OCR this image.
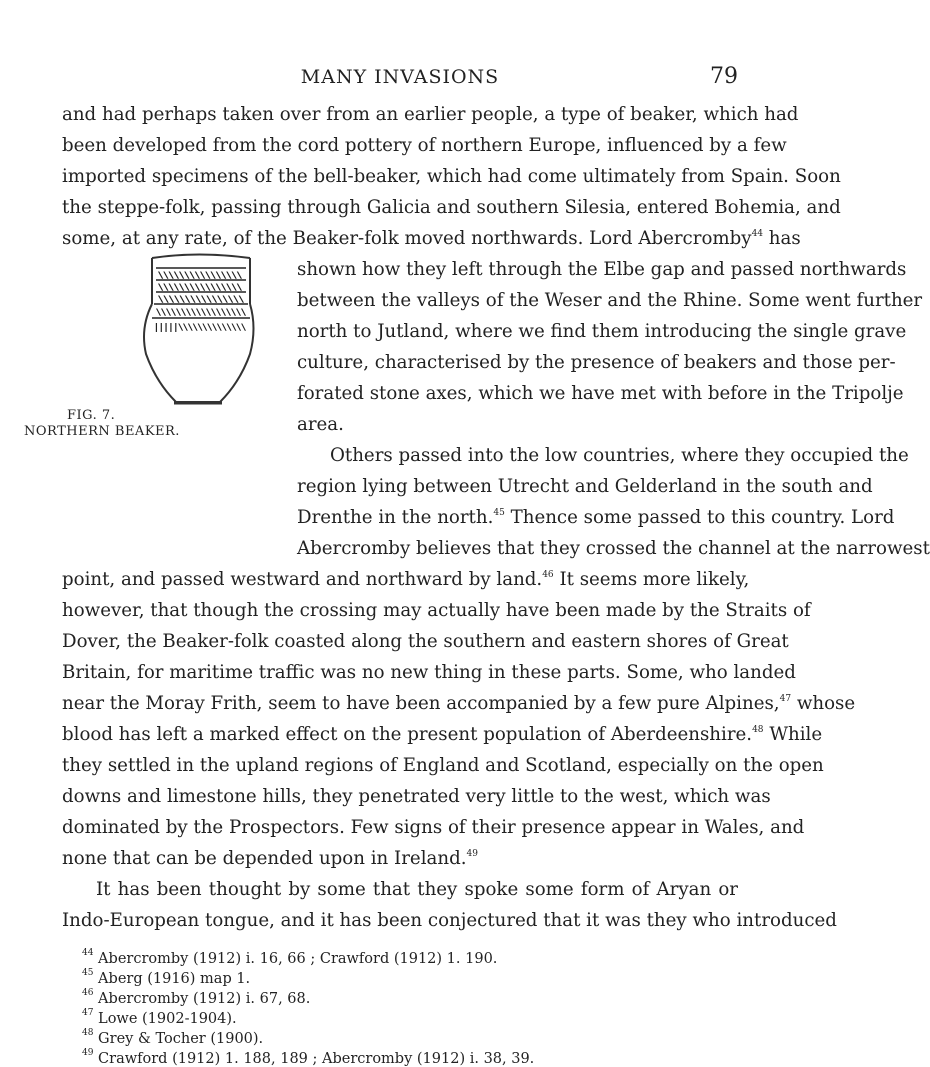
MANY INVASIONS	79
\\\\\\\\\\\\\\\\
\\\\\\\\\\\\\\\\
\\\\\\\\\\\\\\\\
\\\\\\\\\\\\\\\\\\
|||||\\\\\\\\\\\\\\
FIG. 7.
NORTHERN BEAKER.
and had perhaps taken over from an earlier people, a type of beaker, which had
been developed from the cord pottery of northern Europe, influenced by a few
imported specimens of the bell-beaker, which had come ultimately from Spain. Soon
the steppe-folk, passing through Galicia and southern Silesia, entered Bohemia, and
some, at any rate, of the Beaker-folk moved northwards. Lord Abercromby$^{44}$ has
shown how they left through the Elbe gap and passed northwards
between the valleys of the Weser and the Rhine. Some went further
north to Jutland, where we find them introducing the single grave
culture, characterised by the presence of beakers and those per-
forated stone axes, which we have met with before in the Tripolje
area.
Others passed into the low countries, where they occupied the
region lying between Utrecht and Gelderland in the south and
Drenthe in the north.$^{45}$ Thence some passed to this country. Lord
Abercromby believes that they crossed the channel at the narrowest
point, and passed westward and northward by land.$^{46}$ It seems more likely,
however, that though the crossing may actually have been made by the Straits of
Dover, the Beaker-folk coasted along the southern and eastern shores of Great
Britain, for maritime traffic was no new thing in these parts. Some, who landed
near the Moray Frith, seem to have been accompanied by a few pure Alpines,$^{47}$ whose
blood has left a marked effect on the present population of Aberdeenshire.$^{48}$ While
they settled in the upland regions of England and Scotland, especially on the open
downs and limestone hills, they penetrated very little to the west, which was
dominated by the Prospectors. Few signs of their presence appear in Wales, and
none that can be depended upon in Ireland.$^{49}$
It has been thought by some that they spoke some form of Aryan or
Indo-European tongue, and it has been conjectured that it was they who introduced
$^{44}$ Abercromby (1912) i. 16, 66 ; Crawford (1912) 1. 190.
$^{45}$ Aberg (1916) map 1.
$^{46}$ Abercromby (1912) i. 67, 68.
$^{47}$ Lowe (1902-1904).
$^{48}$ Grey & Tocher (1900).
$^{49}$ Crawford (1912) 1. 188, 189 ; Abercromby (1912) i. 38, 39.
